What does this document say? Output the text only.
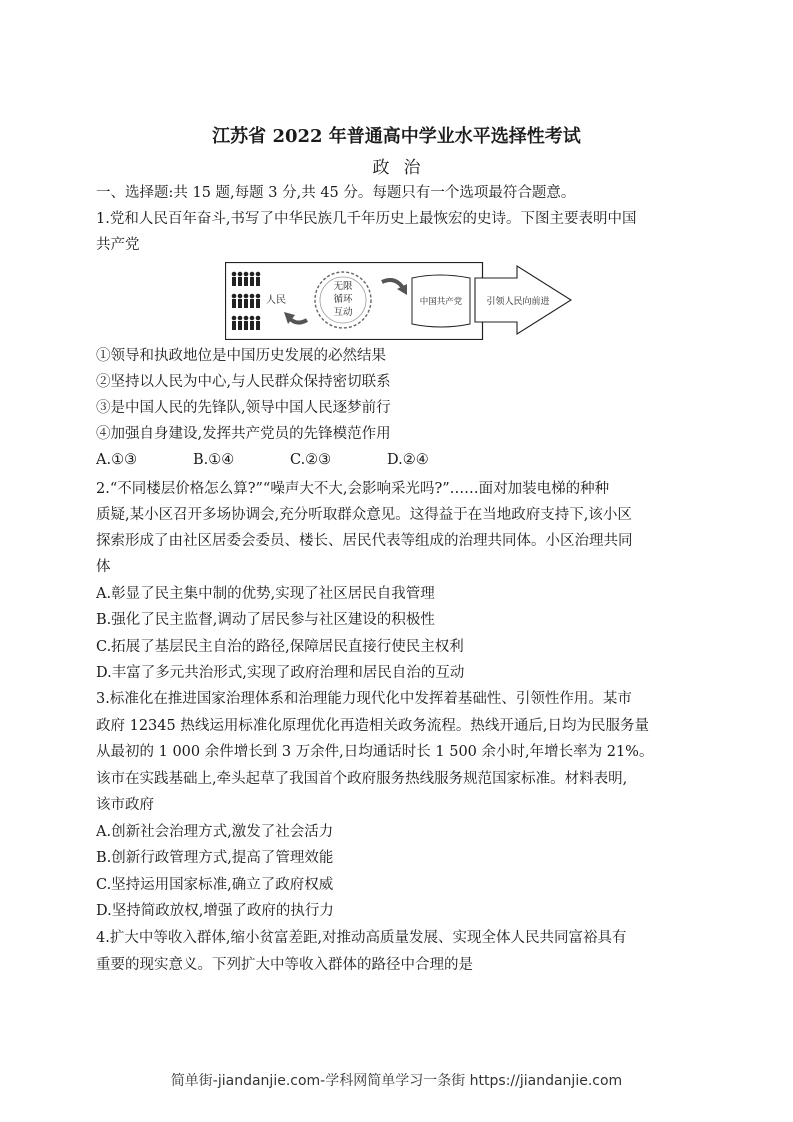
江苏省 2022 年普通高中学业水平选择性考试
政治
一、选择题:共 15 题,每题 3 分,共 45 分。每题只有一个选项最符合题意。
1.党和人民百年奋斗,书写了中华民族几千年历史上最恢宏的史诗。下图主要表明中国
共产党
人民
无限
循环
互动
中国共产党	引领人民向前进
①领导和执政地位是中国历史发展的必然结果
②坚持以人民为中心,与人民群众保持密切联系
③是中国人民的先锋队,领导中国人民逐梦前行
④加强自身建设,发挥共产党员的先锋模范作用
A.①③	B.①④	C.②③	D.②④
2.“不同楼层价格怎么算?”“噪声大不大,会影响采光吗?”……面对加装电梯的种种
质疑,某小区召开多场协调会,充分听取群众意见。这得益于在当地政府支持下,该小区
探索形成了由社区居委会委员、楼长、居民代表等组成的治理共同体。小区治理共同
体
A.彰显了民主集中制的优势,实现了社区居民自我管理
B.强化了民主监督,调动了居民参与社区建设的积极性
C.拓展了基层民主自治的路径,保障居民直接行使民主权利
D.丰富了多元共治形式,实现了政府治理和居民自治的互动
3.标准化在推进国家治理体系和治理能力现代化中发挥着基础性、引领性作用。某市
政府 12345 热线运用标准化原理优化再造相关政务流程。热线开通后,日均为民服务量
从最初的 1 000 余件增长到 3 万余件,日均通话时长 1 500 余小时,年增长率为 21%。
该市在实践基础上,牵头起草了我国首个政府服务热线服务规范国家标准。材料表明,
该市政府
A.创新社会治理方式,激发了社会活力
B.创新行政管理方式,提高了管理效能
C.坚持运用国家标准,确立了政府权威
D.坚持简政放权,增强了政府的执行力
4.扩大中等收入群体,缩小贫富差距,对推动高质量发展、实现全体人民共同富裕具有
重要的现实意义。下列扩大中等收入群体的路径中合理的是
简单街-jiandanjie.com-学科网简单学习一条街 https://jiandanjie.com
